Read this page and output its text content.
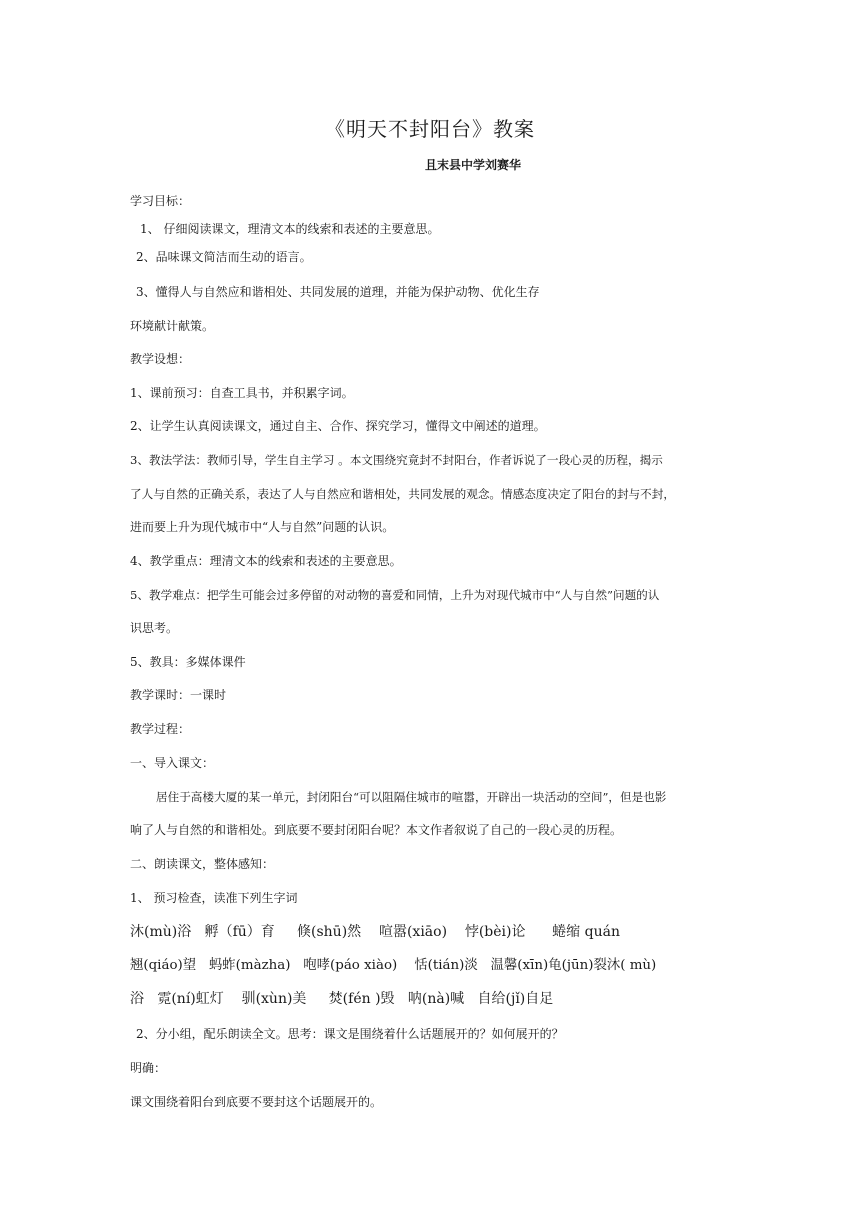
《明天不封阳台》教案
且末县中学刘赛华
学习目标：
1、 仔细阅读课文，理清文本的线索和表述的主要意思。
2、品味课文简洁而生动的语言。
3、懂得人与自然应和谐相处、共同发展的道理，并能为保护动物、优化生存
环境献计献策。
教学设想：
1、课前预习：自查工具书，并积累字词。
2、让学生认真阅读课文，通过自主、合作、探究学习，懂得文中阐述的道理。
3、教法学法：教师引导，学生自主学习 。本文围绕究竟封不封阳台，作者诉说了一段心灵的历程，揭示
了人与自然的正确关系，表达了人与自然应和谐相处，共同发展的观念。情感态度决定了阳台的封与不封，
进而要上升为现代城市中“人与自然”问题的认识。
4、教学重点：理清文本的线索和表述的主要意思。
5、教学难点：把学生可能会过多停留的对动物的喜爱和同情，上升为对现代城市中“人与自然”问题的认
识思考。
5、教具：多媒体课件
教学课时：一课时
教学过程：
一、导入课文：
居住于高楼大厦的某一单元，封闭阳台“可以阻隔住城市的喧嚣，开辟出一块活动的空间”，但是也影
响了人与自然的和谐相处。到底要不要封闭阳台呢？本文作者叙说了自己的一段心灵的历程。
二、朗读课文，整体感知：
1、 预习检查，读准下列生字词
沐(mù)浴   孵（fū）育     倏(shū)然    喧嚣(xiāo)    悖(bèi)论      蜷缩 quán
翘(qiáo)望   蚂蚱(màzha)   咆哮(páo xiào)    恬(tián)淡   温馨(xīn)龟(jūn)裂沐( mù)
浴   霓(ní)虹灯    驯(xùn)美     焚(fén )毁   呐(nà)喊   自给(jǐ)自足
2、分小组，配乐朗读全文。思考：课文是围绕着什么话题展开的？如何展开的？
明确：
课文围绕着阳台到底要不要封这个话题展开的。
